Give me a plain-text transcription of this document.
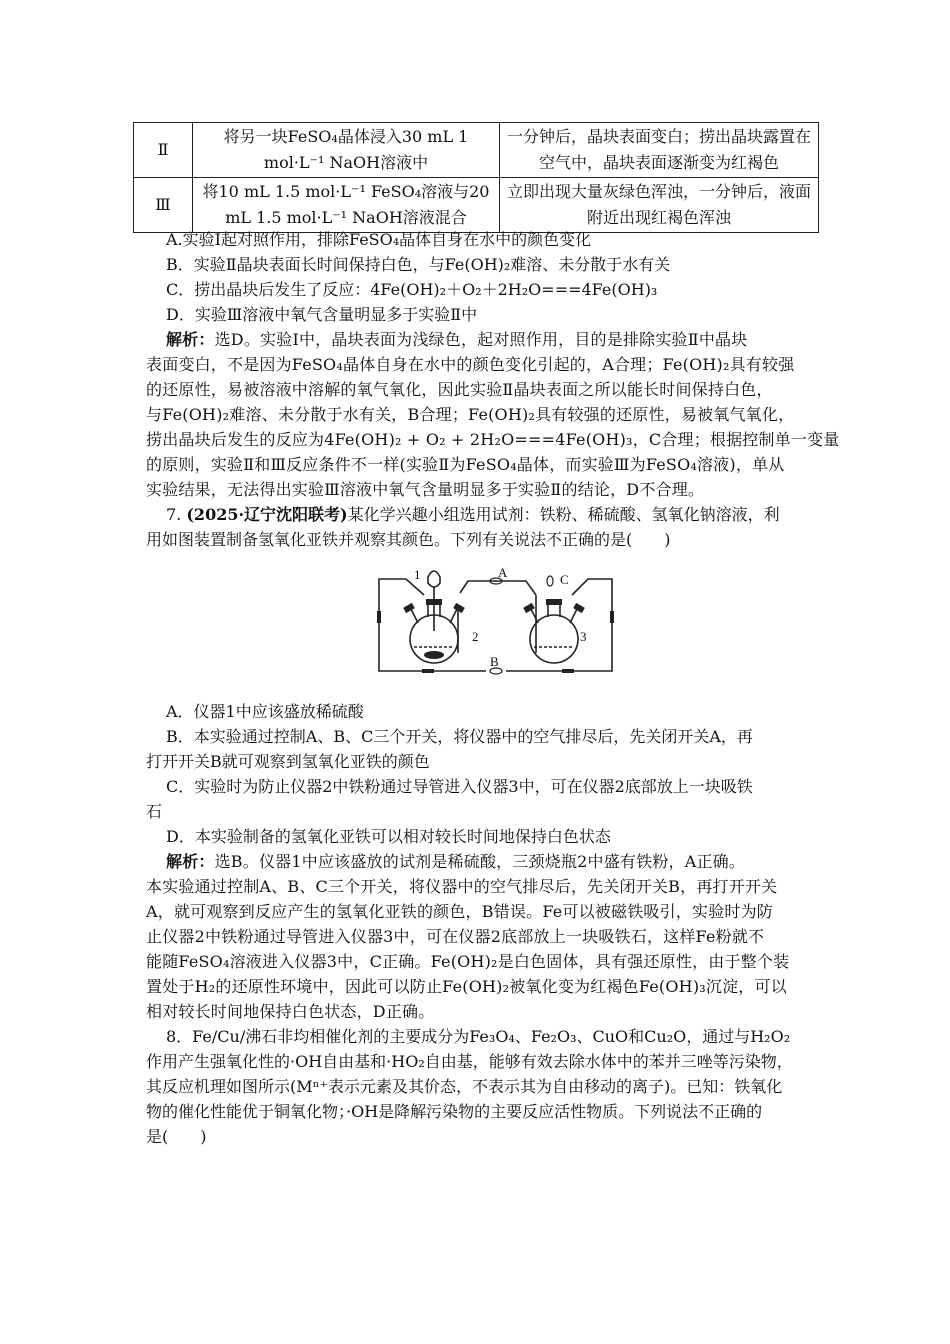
Ⅱ	将另一块FeSO₄晶体浸入30 mL 1 mol·L⁻¹ NaOH溶液中	一分钟后，晶块表面变白；捞出晶块露置在空气中，晶块表面逐渐变为红褐色
Ⅲ	将10 mL 1.5 mol·L⁻¹ FeSO₄溶液与20 mL 1.5 mol·L⁻¹ NaOH溶液混合	立即出现大量灰绿色浑浊，一分钟后，液面附近出现红褐色浑浊
A.实验Ⅰ起对照作用，排除FeSO₄晶体自身在水中的颜色变化
B．实验Ⅱ晶块表面长时间保持白色，与Fe(OH)₂难溶、未分散于水有关
C．捞出晶块后发生了反应：4Fe(OH)₂＋O₂＋2H₂O===4Fe(OH)₃
D．实验Ⅲ溶液中氧气含量明显多于实验Ⅱ中
解析：选D。实验Ⅰ中，晶块表面为浅绿色，起对照作用，目的是排除实验Ⅱ中晶块
表面变白，不是因为FeSO₄晶体自身在水中的颜色变化引起的，A合理；Fe(OH)₂具有较强
的还原性，易被溶液中溶解的氧气氧化，因此实验Ⅱ晶块表面之所以能长时间保持白色，
与Fe(OH)₂难溶、未分散于水有关，B合理；Fe(OH)₂具有较强的还原性，易被氧气氧化，
捞出晶块后发生的反应为4Fe(OH)₂ + O₂ + 2H₂O===4Fe(OH)₃，C合理；根据控制单一变量
的原则，实验Ⅱ和Ⅲ反应条件不一样(实验Ⅱ为FeSO₄晶体，而实验Ⅲ为FeSO₄溶液)，单从
实验结果，无法得出实验Ⅲ溶液中氧气含量明显多于实验Ⅱ的结论，D不合理。
7. (2025·辽宁沈阳联考)某化学兴趣小组选用试剂：铁粉、稀硫酸、氢氧化钠溶液，利
用如图装置制备氢氧化亚铁并观察其颜色。下列有关说法不正确的是(　　)
1
2	3
A
B
C
A．仪器1中应该盛放稀硫酸
B．本实验通过控制A、B、C三个开关，将仪器中的空气排尽后，先关闭开关A，再
打开开关B就可观察到氢氧化亚铁的颜色
C．实验时为防止仪器2中铁粉通过导管进入仪器3中，可在仪器2底部放上一块吸铁
石
D．本实验制备的氢氧化亚铁可以相对较长时间地保持白色状态
解析：选B。仪器1中应该盛放的试剂是稀硫酸，三颈烧瓶2中盛有铁粉，A正确。
本实验通过控制A、B、C三个开关，将仪器中的空气排尽后，先关闭开关B，再打开开关
A，就可观察到反应产生的氢氧化亚铁的颜色，B错误。Fe可以被磁铁吸引，实验时为防
止仪器2中铁粉通过导管进入仪器3中，可在仪器2底部放上一块吸铁石，这样Fe粉就不
能随FeSO₄溶液进入仪器3中，C正确。Fe(OH)₂是白色固体，具有强还原性，由于整个装
置处于H₂的还原性环境中，因此可以防止Fe(OH)₂被氧化变为红褐色Fe(OH)₃沉淀，可以
相对较长时间地保持白色状态，D正确。
8．Fe/Cu/沸石非均相催化剂的主要成分为Fe₃O₄、Fe₂O₃、CuO和Cu₂O，通过与H₂O₂
作用产生强氧化性的·OH自由基和·HO₂自由基，能够有效去除水体中的苯并三唑等污染物，
其反应机理如图所示(Mⁿ⁺表示元素及其价态，不表示其为自由移动的离子)。已知：铁氧化
物的催化性能优于铜氧化物；·OH是降解污染物的主要反应活性物质。下列说法不正确的
是(　　)
